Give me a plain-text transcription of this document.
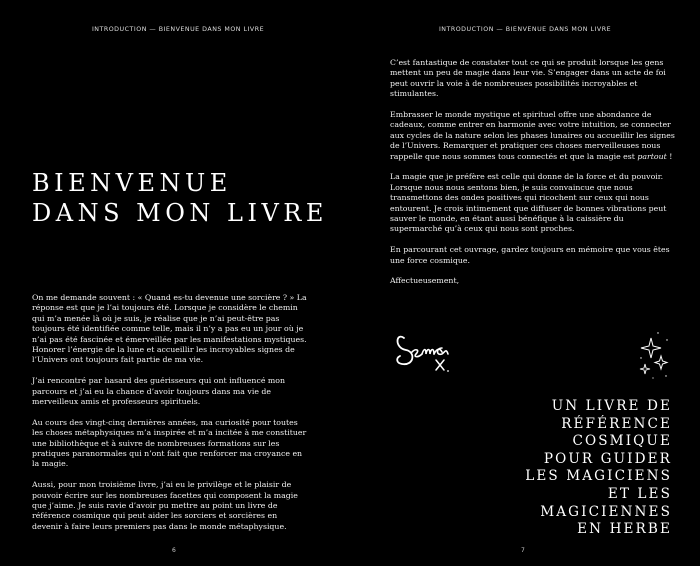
INTRODUCTION — BIENVENUE DANS MON LIVRE
BIENVENUE
DANS MON LIVRE

On me demande souvent : « Quand es-tu devenue une sorcière ? » La réponse est que je l’ai toujours été. Lorsque je considère le chemin qui m’a menée là où je suis, je réalise que je n’ai peut-être pas toujours été identifiée comme telle, mais il n’y a pas eu un jour où je n’ai pas été fascinée et émerveillée par les manifestations mystiques. Honorer l’énergie de la lune et accueillir les incroyables signes de l’Univers ont toujours fait partie de ma vie.

J’ai rencontré par hasard des guérisseurs qui ont influencé mon parcours et j’ai eu la chance d’avoir toujours dans ma vie de merveilleux amis et professeurs spirituels.

Au cours des vingt-cinq dernières années, ma curiosité pour toutes les choses métaphysiques m’a inspirée et m’a incitée à me constituer une bibliothèque et à suivre de nombreuses formations sur les pratiques paranormales qui n’ont fait que renforcer ma croyance en la magie.

Aussi, pour mon troisième livre, j’ai eu le privilège et le plaisir de pouvoir écrire sur les nombreuses facettes qui composent la magie que j’aime. Je suis ravie d’avoir pu mettre au point un livre de référence cosmique qui peut aider les sorciers et sorcières en devenir à faire leurs premiers pas dans le monde métaphysique.

6
INTRODUCTION — BIENVENUE DANS MON LIVRE

C’est fantastique de constater tout ce qui se produit lorsque les gens mettent un peu de magie dans leur vie. S’engager dans un acte de foi peut ouvrir la voie à de nombreuses possibilités incroyables et stimulantes.

Embrasser le monde mystique et spirituel offre une abondance de cadeaux, comme entrer en harmonie avec votre intuition, se connecter aux cycles de la nature selon les phases lunaires ou accueillir les signes de l’Univers. Remarquer et pratiquer ces choses merveilleuses nous rappelle que nous sommes tous connectés et que la magie est partout !

La magie que je préfère est celle qui donne de la force et du pouvoir. Lorsque nous nous sentons bien, je suis convaincue que nous transmettons des ondes positives qui ricochent sur ceux qui nous entourent. Je crois intimement que diffuser de bonnes vibrations peut sauver le monde, en étant aussi bénéfique à la caissière du supermarché qu’à ceux qui nous sont proches.

En parcourant cet ouvrage, gardez toujours en mémoire que vous êtes une force cosmique.

Affectueusement,

UN LIVRE DE
RÉFÉRENCE
COSMIQUE
POUR GUIDER
LES MAGICIENS
ET LES
MAGICIENNES
EN HERBE
7
